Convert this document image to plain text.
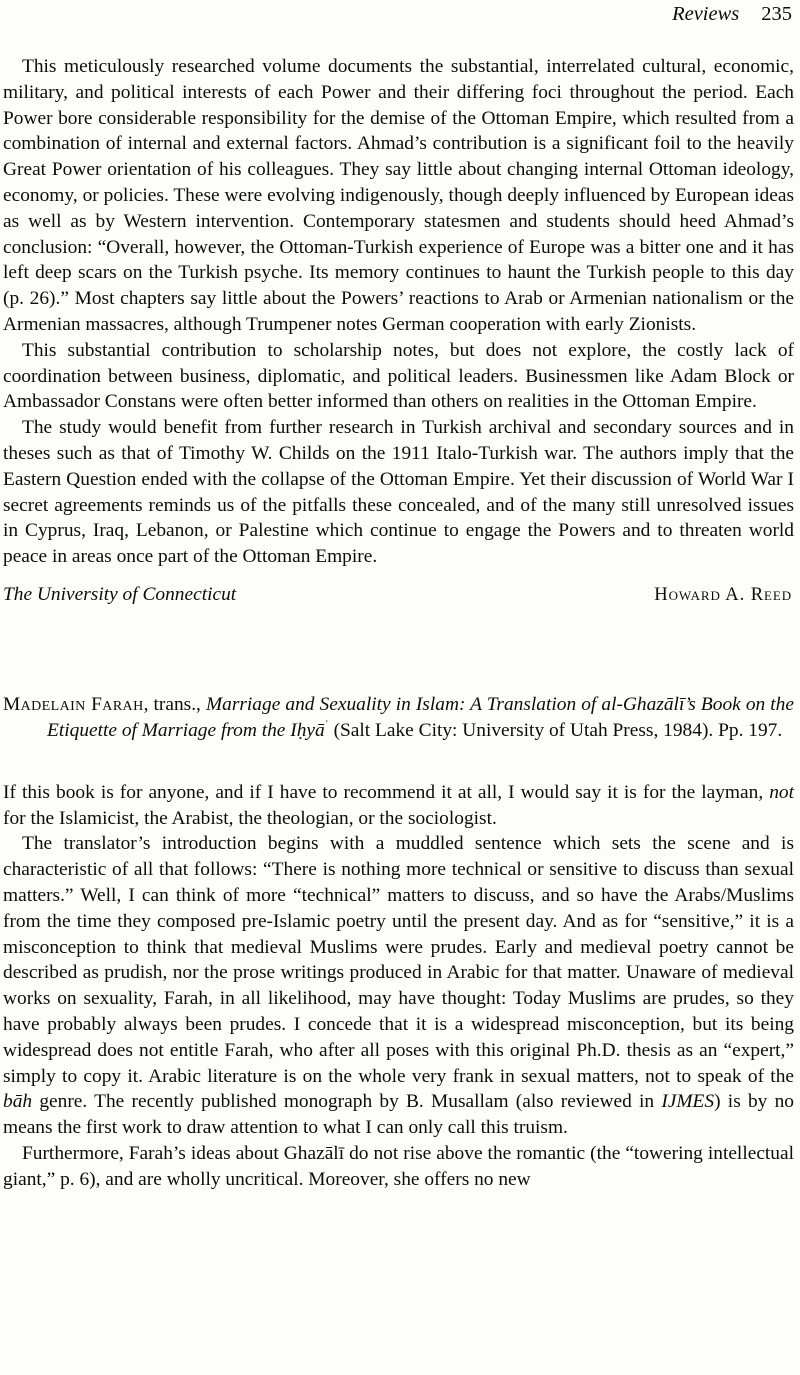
Reviews 235

This meticulously researched volume documents the substantial, interrelated cultural, economic, military, and political interests of each Power and their differing foci throughout the period. Each Power bore considerable responsibility for the demise of the Ottoman Empire, which resulted from a combination of internal and external factors. Ahmad’s contribution is a significant foil to the heavily Great Power orientation of his colleagues. They say little about changing internal Ottoman ideology, economy, or policies. These were evolving indigenously, though deeply influenced by European ideas as well as by Western intervention. Contemporary statesmen and students should heed Ahmad’s conclusion: “Overall, however, the Ottoman-Turkish experience of Europe was a bitter one and it has left deep scars on the Turkish psyche. Its memory continues to haunt the Turkish people to this day (p. 26).” Most chapters say little about the Powers’ reactions to Arab or Armenian nationalism or the Armenian massacres, although Trumpener notes German cooperation with early Zionists.

This substantial contribution to scholarship notes, but does not explore, the costly lack of coordination between business, diplomatic, and political leaders. Businessmen like Adam Block or Ambassador Constans were often better informed than others on realities in the Ottoman Empire.

The study would benefit from further research in Turkish archival and secondary sources and in theses such as that of Timothy W. Childs on the 1911 Italo-Turkish war. The authors imply that the Eastern Question ended with the collapse of the Ottoman Empire. Yet their discussion of World War I secret agreements reminds us of the pitfalls these concealed, and of the many still unresolved issues in Cyprus, Iraq, Lebanon, or Palestine which continue to engage the Powers and to threaten world peace in areas once part of the Ottoman Empire.

The University of Connecticut	Howard A. Reed

Madelain Farah, trans., Marriage and Sexuality in Islam: A Translation of al-Ghazālī’s Book on the Etiquette of Marriage from the Iḥyā$^ʾ$ (Salt Lake City: University of Utah Press, 1984). Pp. 197.

If this book is for anyone, and if I have to recommend it at all, I would say it is for the layman, not for the Islamicist, the Arabist, the theologian, or the sociologist.

The translator’s introduction begins with a muddled sentence which sets the scene and is characteristic of all that follows: “There is nothing more technical or sensitive to discuss than sexual matters.” Well, I can think of more “technical” matters to discuss, and so have the Arabs/Muslims from the time they composed pre-Islamic poetry until the present day. And as for “sensitive,” it is a misconception to think that medieval Muslims were prudes. Early and medieval poetry cannot be described as prudish, nor the prose writings produced in Arabic for that matter. Unaware of medieval works on sexuality, Farah, in all likelihood, may have thought: Today Muslims are prudes, so they have probably always been prudes. I concede that it is a widespread misconception, but its being widespread does not entitle Farah, who after all poses with this original Ph.D. thesis as an “expert,” simply to copy it. Arabic literature is on the whole very frank in sexual matters, not to speak of the bāh genre. The recently published monograph by B. Musallam (also reviewed in IJMES) is by no means the first work to draw attention to what I can only call this truism.

Furthermore, Farah’s ideas about Ghazālī do not rise above the romantic (the “towering intellectual giant,” p. 6), and are wholly uncritical. Moreover, she offers no new
